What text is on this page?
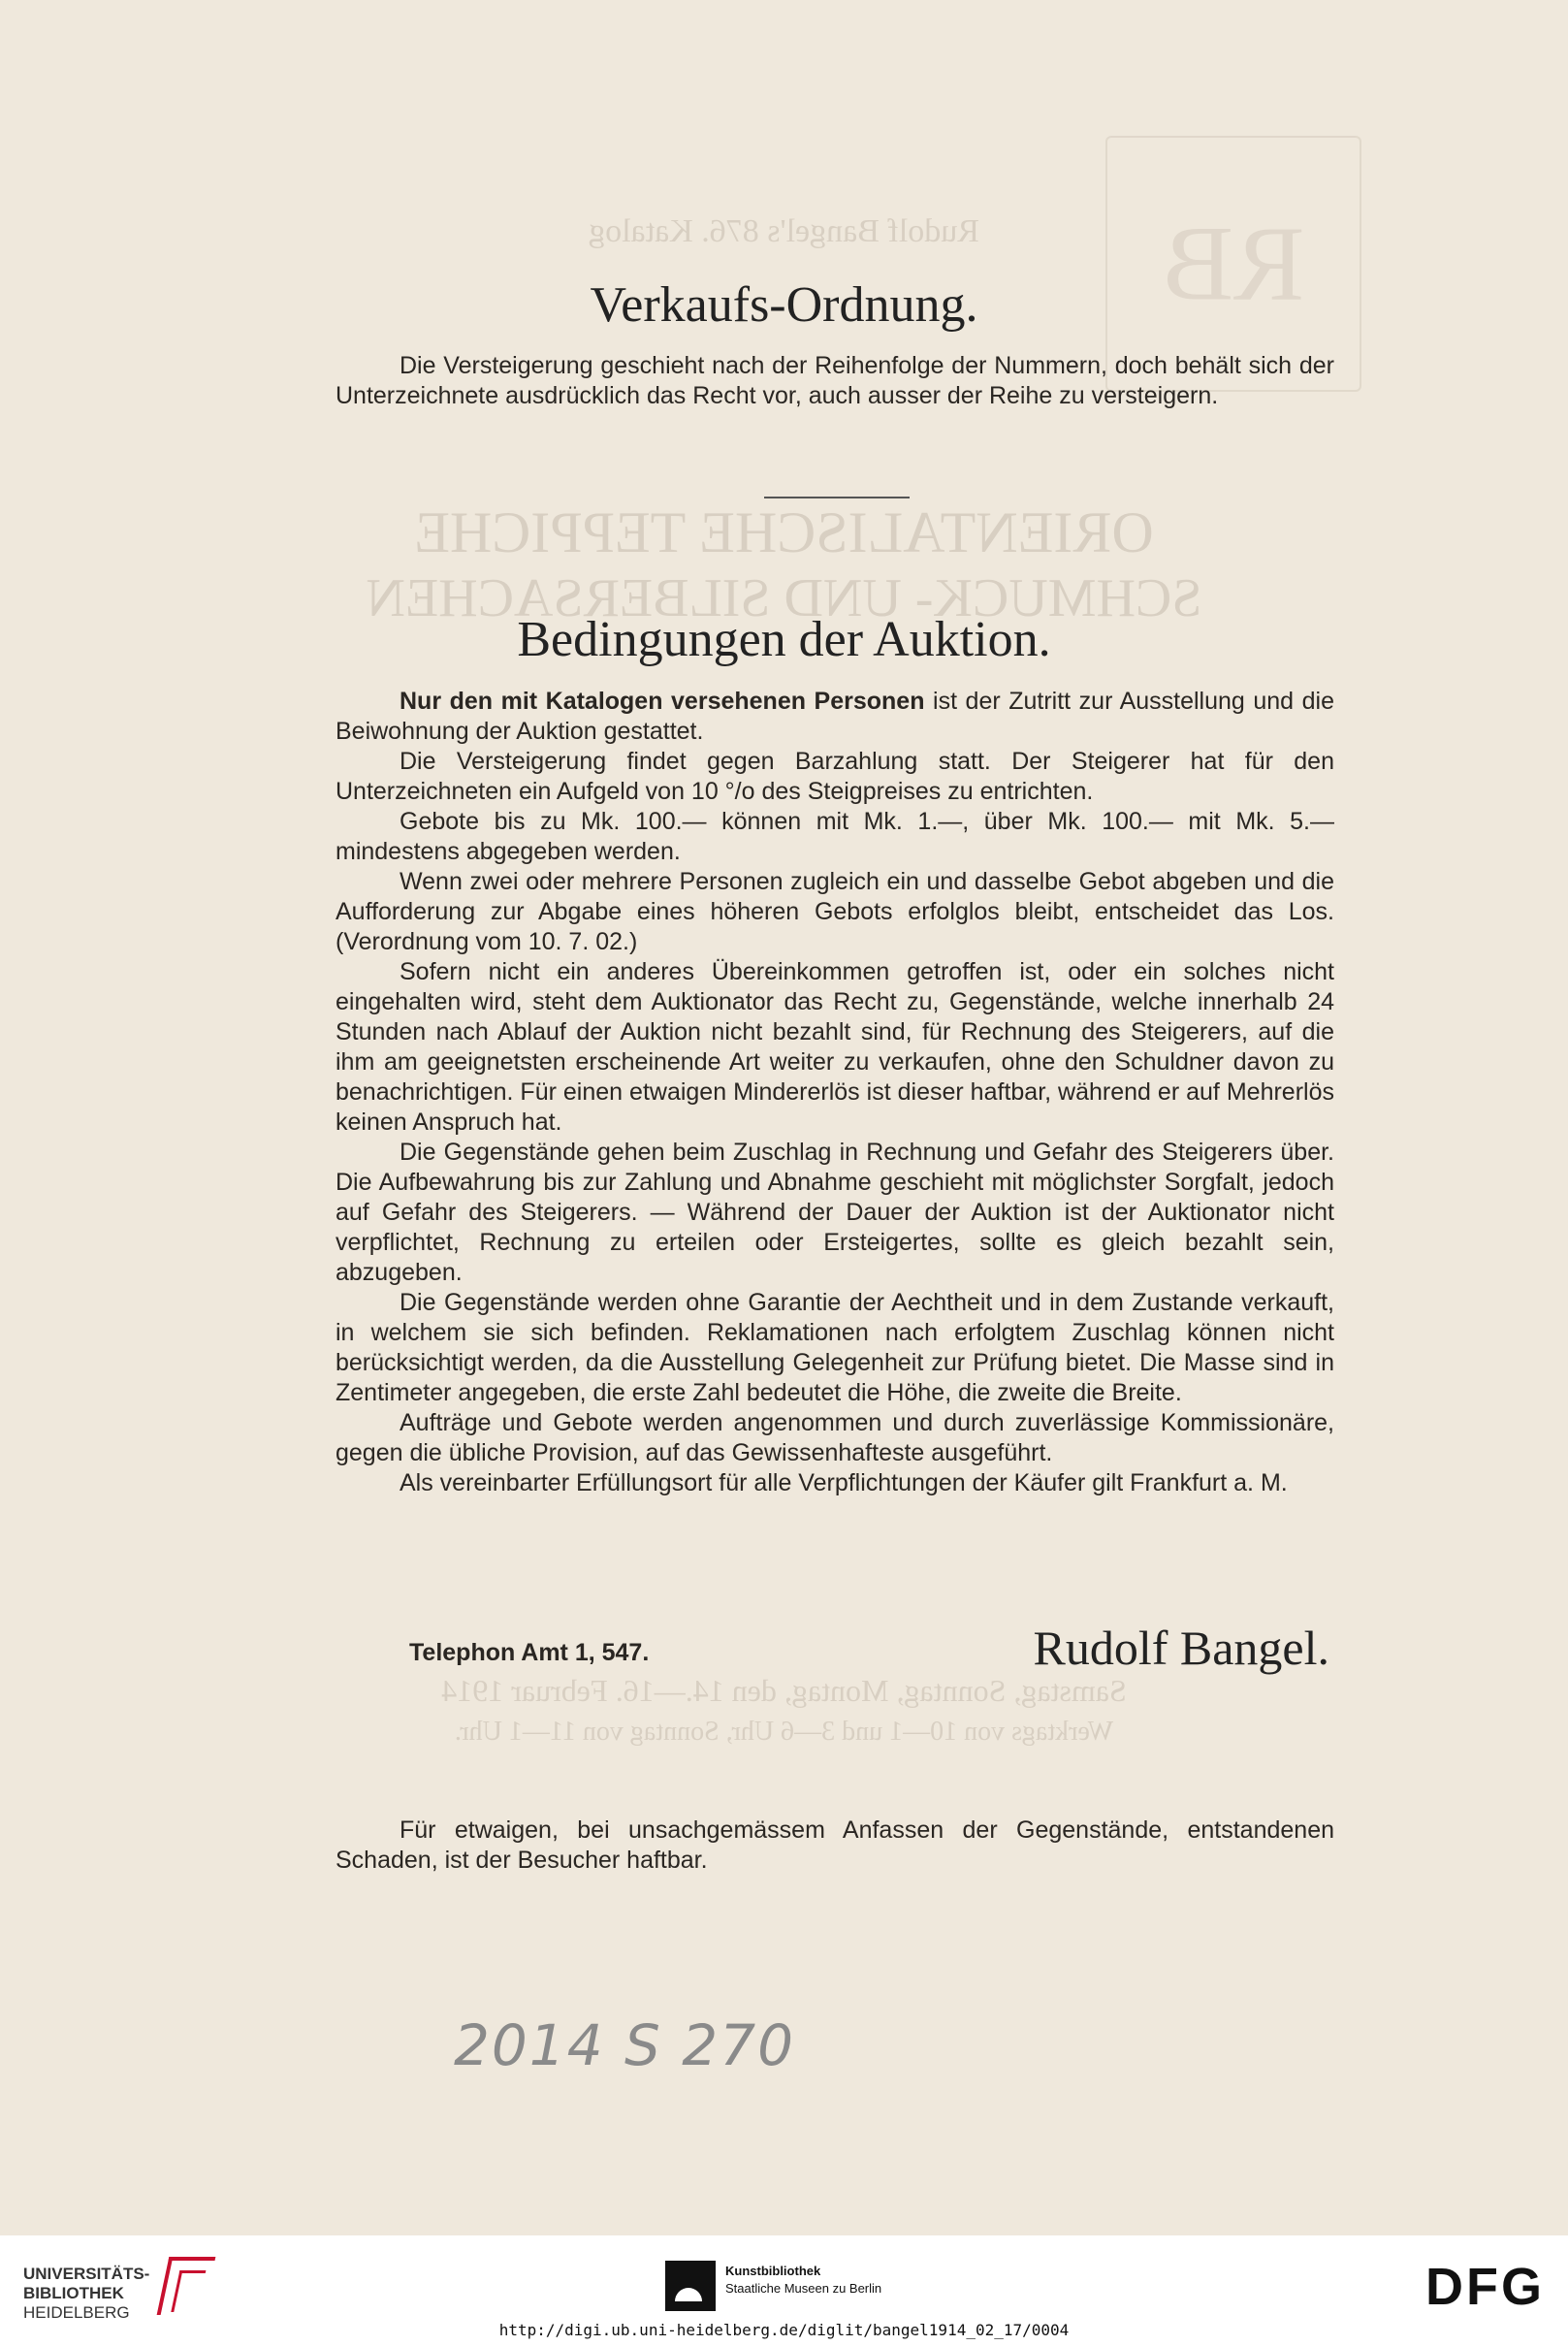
Rudolf Bangel's 876. Katalog
ORIENTALISCHE TEPPICHE
SCHMUCK- UND SILBERSACHEN
Samstag, Sonntag, Montag, den 14.—16. Februar 1914
Werktags von 10—1 und 3—6 Uhr, Sonntag von 11—1 Uhr.
RB
Verkaufs-Ordnung.

Die Versteigerung geschieht nach der Reihenfolge der Nummern, doch behält sich der Unterzeichnete ausdrücklich das Recht vor, auch ausser der Reihe zu versteigern.

Bedingungen der Auktion.

Nur den mit Katalogen versehenen Personen ist der Zutritt zur Ausstellung und die Beiwohnung der Auktion gestattet.

Die Versteigerung findet gegen Barzahlung statt. Der Steigerer hat für den Unterzeichneten ein Aufgeld von 10 °/o des Steigpreises zu entrichten.

Gebote bis zu Mk. 100.— können mit Mk. 1.—, über Mk. 100.— mit Mk. 5.— mindestens abgegeben werden.

Wenn zwei oder mehrere Personen zugleich ein und dasselbe Gebot abgeben und die Aufforderung zur Abgabe eines höheren Gebots erfolglos bleibt, entscheidet das Los. (Verordnung vom 10. 7. 02.)

Sofern nicht ein anderes Übereinkommen getroffen ist, oder ein solches nicht eingehalten wird, steht dem Auktionator das Recht zu, Gegenstände, welche innerhalb 24 Stunden nach Ablauf der Auktion nicht bezahlt sind, für Rechnung des Steigerers, auf die ihm am geeignetsten erscheinende Art weiter zu verkaufen, ohne den Schuldner davon zu benachrichtigen. Für einen etwaigen Mindererlös ist dieser haftbar, während er auf Mehrerlös keinen Anspruch hat.

Die Gegenstände gehen beim Zuschlag in Rechnung und Gefahr des Steigerers über. Die Aufbewahrung bis zur Zahlung und Abnahme geschieht mit möglichster Sorgfalt, jedoch auf Gefahr des Steigerers. — Während der Dauer der Auktion ist der Auktionator nicht verpflichtet, Rechnung zu erteilen oder Ersteigertes, sollte es gleich bezahlt sein, abzugeben.

Die Gegenstände werden ohne Garantie der Aechtheit und in dem Zustande verkauft, in welchem sie sich befinden. Reklamationen nach erfolgtem Zuschlag können nicht berücksichtigt werden, da die Ausstellung Gelegenheit zur Prüfung bietet. Die Masse sind in Zentimeter angegeben, die erste Zahl bedeutet die Höhe, die zweite die Breite.

Aufträge und Gebote werden angenommen und durch zuverlässige Kommissionäre, gegen die übliche Provision, auf das Gewissenhafteste ausgeführt.

Als vereinbarter Erfüllungsort für alle Verpflichtungen der Käufer gilt Frankfurt a. M.

Telephon Amt 1, 547.	Rudolf Bangel.

Für etwaigen, bei unsachgemässem Anfassen der Gegenstände, entstandenen Schaden, ist der Besucher haftbar.

2014 S 270
UNIVERSITÄTS-
BIBLIOTHEK
HEIDELBERG
Kunstbibliothek
Staatliche Museen zu Berlin	DFG
http://digi.ub.uni-heidelberg.de/diglit/bangel1914_02_17/0004
